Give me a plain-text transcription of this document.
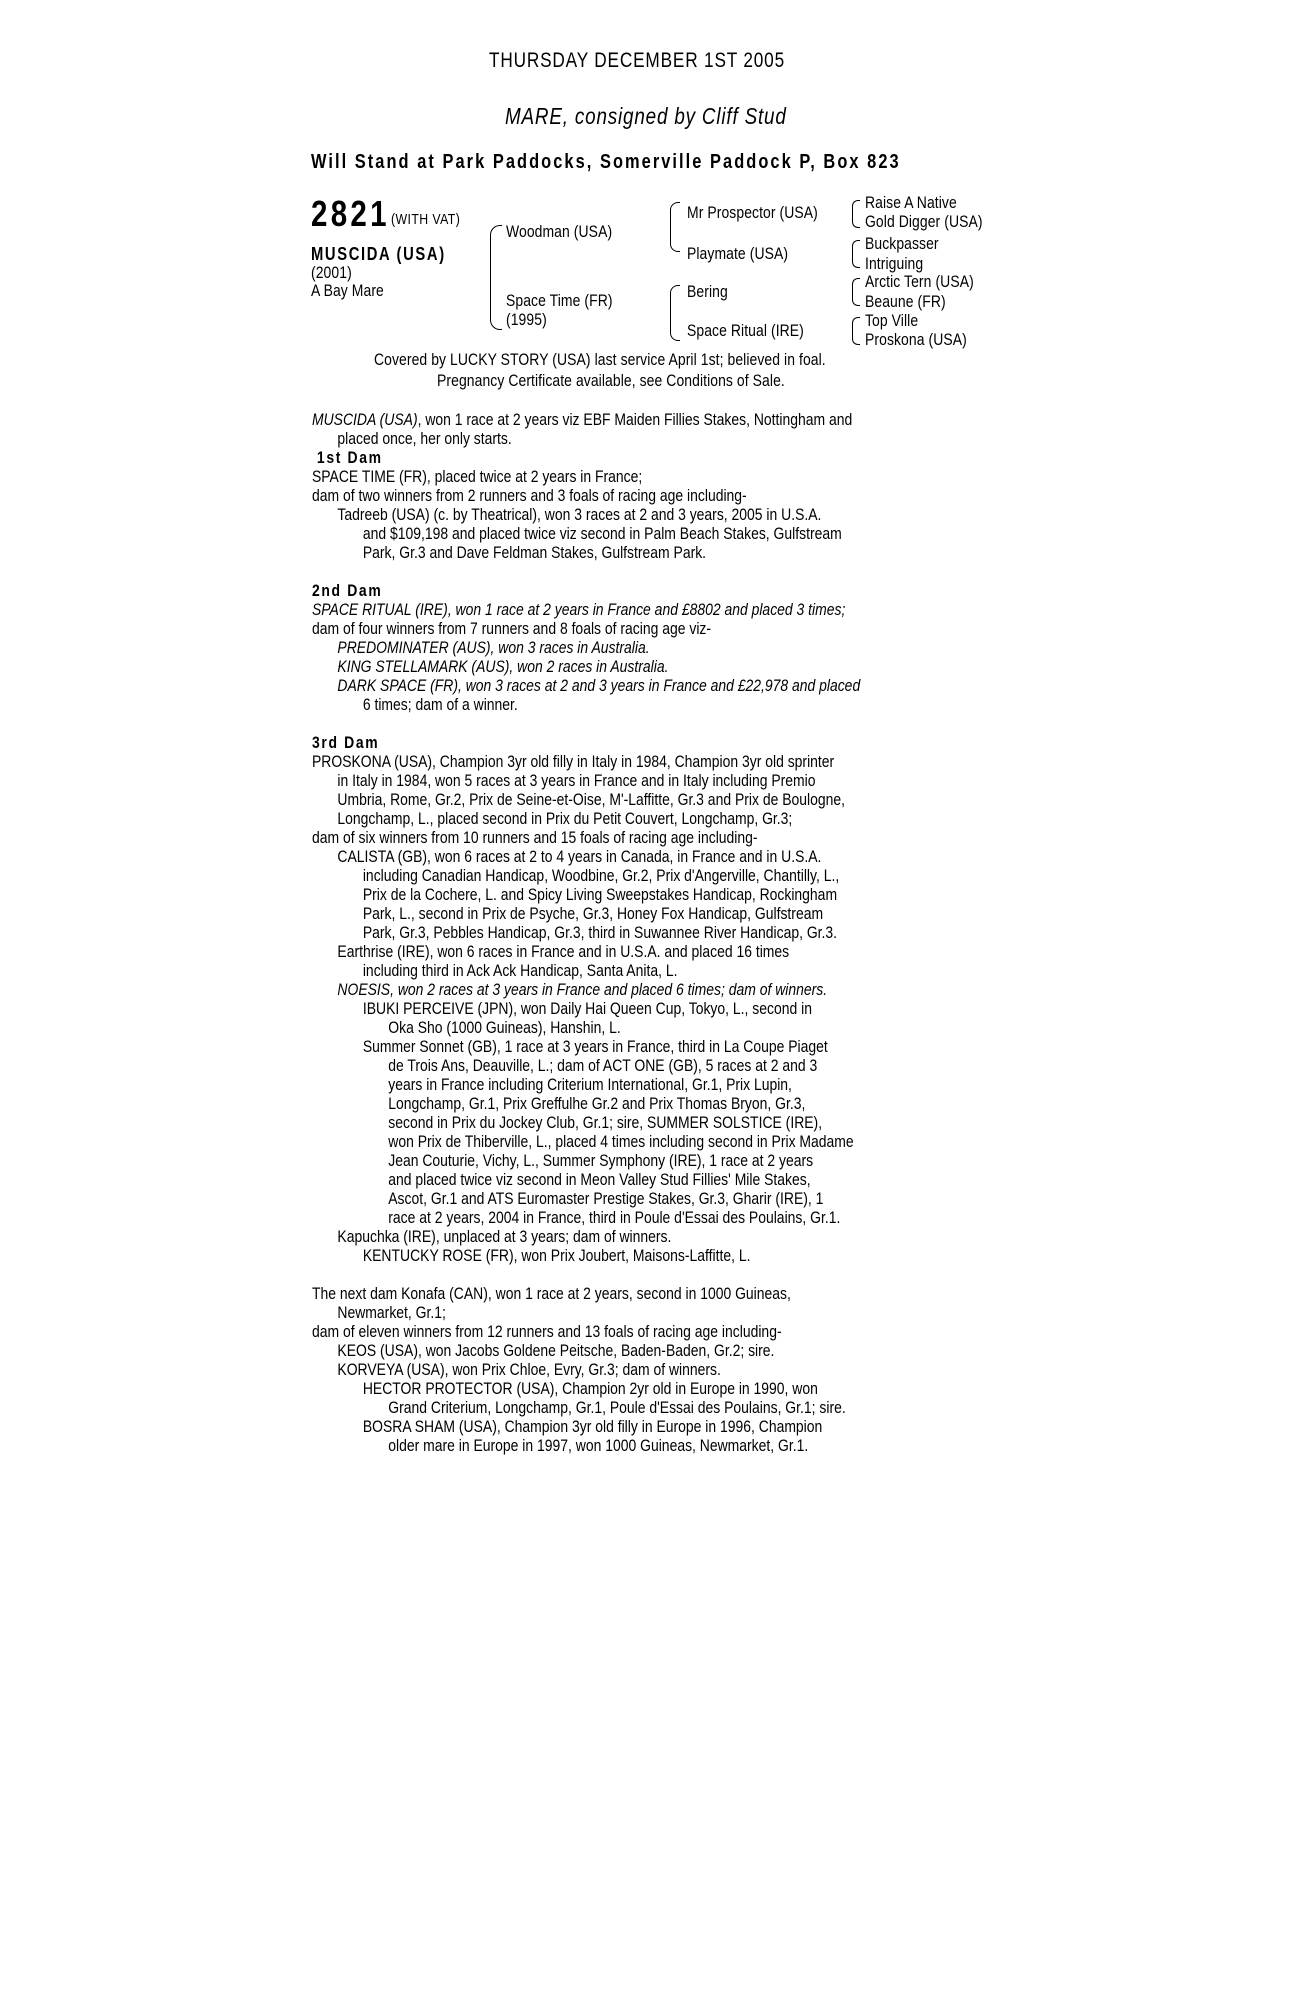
THURSDAY DECEMBER 1ST 2005
MARE, consigned by Cliff Stud
Will Stand at Park Paddocks, Somerville Paddock P, Box 823
2821 (WITH VAT)
MUSCIDA (USA)
(2001)
A Bay Mare
Woodman (USA)
Space Time (FR)
(1995)
Mr Prospector (USA)
Playmate (USA)
Bering
Space Ritual (IRE)
Raise A Native
Gold Digger (USA)
Buckpasser
Intriguing
Arctic Tern (USA)
Beaune (FR)
Top Ville
Proskona (USA)
Covered by LUCKY STORY (USA) last service April 1st; believed in foal.
Pregnancy Certificate available, see Conditions of Sale.
MUSCIDA (USA), won 1 race at 2 years viz EBF Maiden Fillies Stakes, Nottingham and
placed once, her only starts.
1st Dam
SPACE TIME (FR), placed twice at 2 years in France;
dam of two winners from 2 runners and 3 foals of racing age including-
Tadreeb (USA) (c. by Theatrical), won 3 races at 2 and 3 years, 2005 in U.S.A.
and $109,198 and placed twice viz second in Palm Beach Stakes, Gulfstream
Park, Gr.3 and Dave Feldman Stakes, Gulfstream Park.
2nd Dam
SPACE RITUAL (IRE), won 1 race at 2 years in France and £8802 and placed 3 times;
dam of four winners from 7 runners and 8 foals of racing age viz-
PREDOMINATER (AUS), won 3 races in Australia.
KING STELLAMARK (AUS), won 2 races in Australia.
DARK SPACE (FR), won 3 races at 2 and 3 years in France and £22,978 and placed
6 times; dam of a winner.
3rd Dam
PROSKONA (USA), Champion 3yr old filly in Italy in 1984, Champion 3yr old sprinter
in Italy in 1984, won 5 races at 3 years in France and in Italy including Premio
Umbria, Rome, Gr.2, Prix de Seine-et-Oise, M'-Laffitte, Gr.3 and Prix de Boulogne,
Longchamp, L., placed second in Prix du Petit Couvert, Longchamp, Gr.3;
dam of six winners from 10 runners and 15 foals of racing age including-
CALISTA (GB), won 6 races at 2 to 4 years in Canada, in France and in U.S.A.
including Canadian Handicap, Woodbine, Gr.2, Prix d'Angerville, Chantilly, L.,
Prix de la Cochere, L. and Spicy Living Sweepstakes Handicap, Rockingham
Park, L., second in Prix de Psyche, Gr.3, Honey Fox Handicap, Gulfstream
Park, Gr.3, Pebbles Handicap, Gr.3, third in Suwannee River Handicap, Gr.3.
Earthrise (IRE), won 6 races in France and in U.S.A. and placed 16 times
including third in Ack Ack Handicap, Santa Anita, L.
NOESIS, won 2 races at 3 years in France and placed 6 times; dam of winners.
IBUKI PERCEIVE (JPN), won Daily Hai Queen Cup, Tokyo, L., second in
Oka Sho (1000 Guineas), Hanshin, L.
Summer Sonnet (GB), 1 race at 3 years in France, third in La Coupe Piaget
de Trois Ans, Deauville, L.; dam of ACT ONE (GB), 5 races at 2 and 3
years in France including Criterium International, Gr.1, Prix Lupin,
Longchamp, Gr.1, Prix Greffulhe Gr.2 and Prix Thomas Bryon, Gr.3,
second in Prix du Jockey Club, Gr.1; sire, SUMMER SOLSTICE (IRE),
won Prix de Thiberville, L., placed 4 times including second in Prix Madame
Jean Couturie, Vichy, L., Summer Symphony (IRE), 1 race at 2 years
and placed twice viz second in Meon Valley Stud Fillies' Mile Stakes,
Ascot, Gr.1 and ATS Euromaster Prestige Stakes, Gr.3, Gharir (IRE), 1
race at 2 years, 2004 in France, third in Poule d'Essai des Poulains, Gr.1.
Kapuchka (IRE), unplaced at 3 years; dam of winners.
KENTUCKY ROSE (FR), won Prix Joubert, Maisons-Laffitte, L.
The next dam Konafa (CAN), won 1 race at 2 years, second in 1000 Guineas,
Newmarket, Gr.1;
dam of eleven winners from 12 runners and 13 foals of racing age including-
KEOS (USA), won Jacobs Goldene Peitsche, Baden-Baden, Gr.2; sire.
KORVEYA (USA), won Prix Chloe, Evry, Gr.3; dam of winners.
HECTOR PROTECTOR (USA), Champion 2yr old in Europe in 1990, won
Grand Criterium, Longchamp, Gr.1, Poule d'Essai des Poulains, Gr.1; sire.
BOSRA SHAM (USA), Champion 3yr old filly in Europe in 1996, Champion
older mare in Europe in 1997, won 1000 Guineas, Newmarket, Gr.1.
